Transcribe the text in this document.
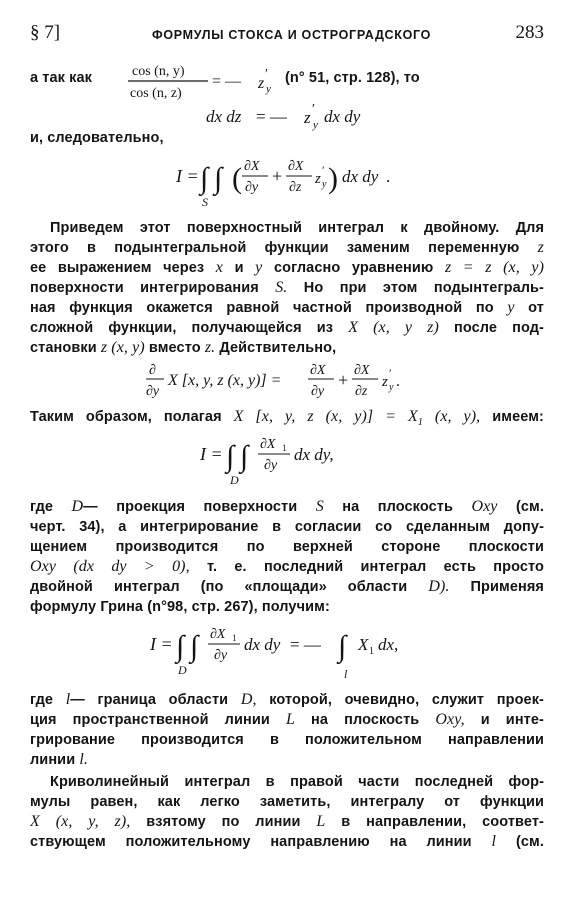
§ 7]	ФОРМУЛЫ СТОКСА И ОСТРОГРАДСКОГО	283
а так как	cos (n, y)
cos (n, z)
= — z
′
y
(n° 51, стр. 128), то
dx dz = — z ′
y dx dy
и, следовательно,
I = ∫ ∫
S
( ∂X
∂y
+ ∂X
∂z
z
′
y ) dx dy .
Приведем этот поверхностный интеграл к двойному. Для
этого в подынтегральной функции заменим переменную z
ее выражением через x и y согласно уравнению z = z (x, y)
поверхности интегрирования S. Но при этом подынтеграль-
ная функция окажется равной частной производной по y от
сложной функции, получающейся из X (x, y z) после под-
становки z (x, y) вместо z. Действительно,
∂
∂y
X [x, y, z (x, y)] =
∂X
∂y
+ ∂X
∂z
z
′
y .
Таким образом, полагая X [x, y, z (x, $y)] = X_1$ (x, y), имеем:
I = ∫ ∫
D
∂X 1
∂y
dx dy,
где D— проекция поверхности S на плоскость Oxy (см.
черт. 34), а интегрирование в согласии со сделанным допу-
щением производится по верхней стороне плоскости
Oxy (dx dy > 0), т. е. последний интеграл есть просто
двойной интеграл (по «площади» области D). Применяя
формулу Грина (n°98, стр. 267), получим:
I = ∫ ∫
D
∂X 1
∂y
dx dy = — ∫
l
X 1 dx,
где l— граница области D, которой, очевидно, служит проек-
ция пространственной линии L на плоскость Oxy, и инте-
грирование производится в положительном направлении
линии l.
Криволинейный интеграл в правой части последней фор-
мулы равен, как легко заметить, интегралу от функции
X (x, y, z), взятому по линии L в направлении, соответ-
ствующем положительному направлению на линии l (см.
